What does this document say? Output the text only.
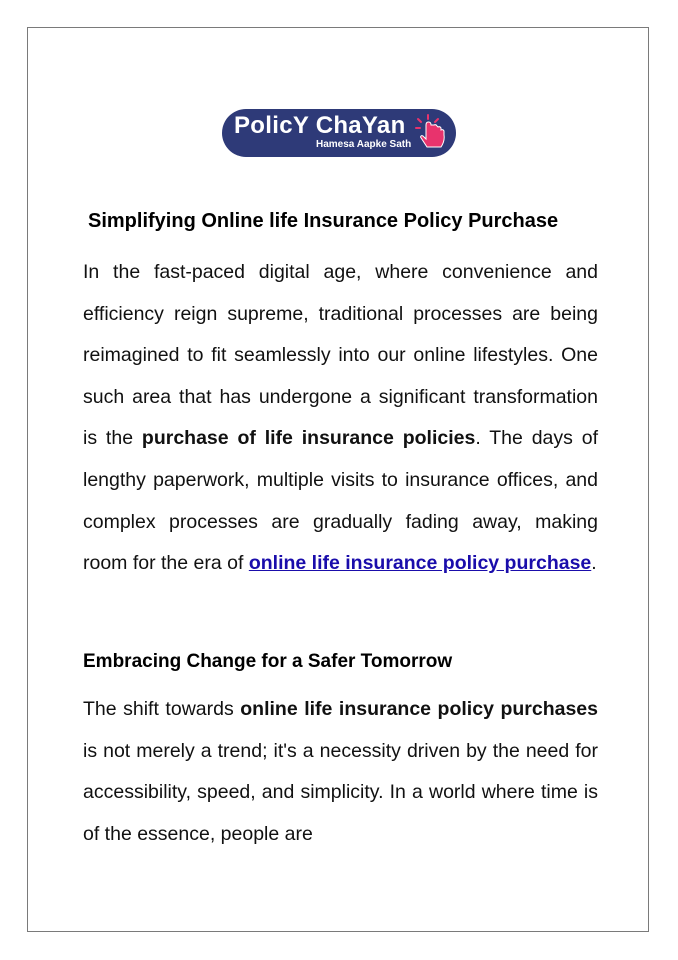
PolicY ChaYan
Hamesa Aapke Sath
Simplifying Online life Insurance Policy Purchase

In the fast-paced digital age, where convenience and efficiency reign supreme, traditional processes are being reimagined to fit seamlessly into our online lifestyles. One such area that has undergone a significant transformation is the purchase of life insurance policies. The days of lengthy paperwork, multiple visits to insurance offices, and complex processes are gradually fading away, making room for the era of online life insurance policy purchase.

Embracing Change for a Safer Tomorrow

The shift towards online life insurance policy purchases is not merely a trend; it's a necessity driven by the need for accessibility, speed, and simplicity. In a world where time is of the essence, people are
